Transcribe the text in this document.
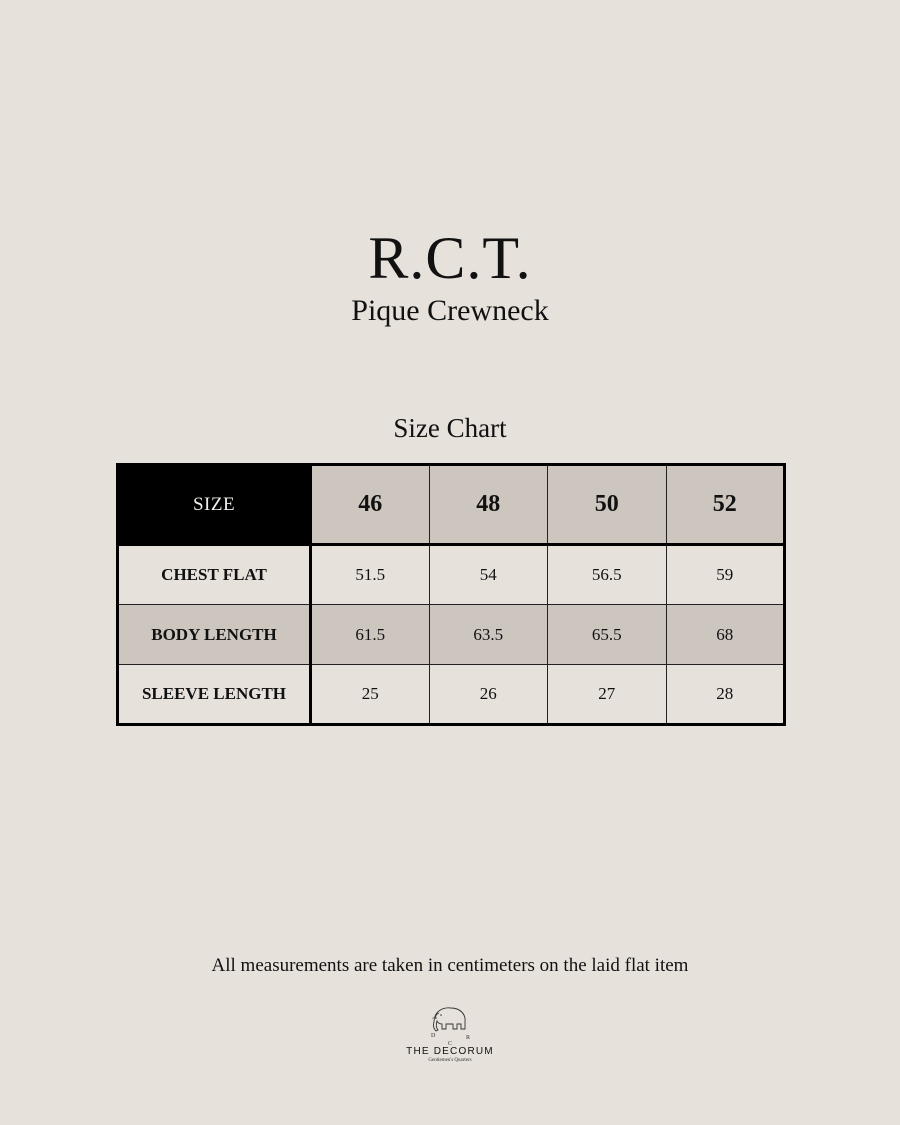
R.C.T.
Pique Crewneck
Size Chart
SIZE	46	48	50	52
CHEST FLAT	51.5	54	56.5	59
BODY LENGTH	61.5	63.5	65.5	68
SLEEVE LENGTH	25	26	27	28
All measurements are taken in centimeters on the laid flat item
D	R
C
THE DECORUM
Gentlemen's Quarters
